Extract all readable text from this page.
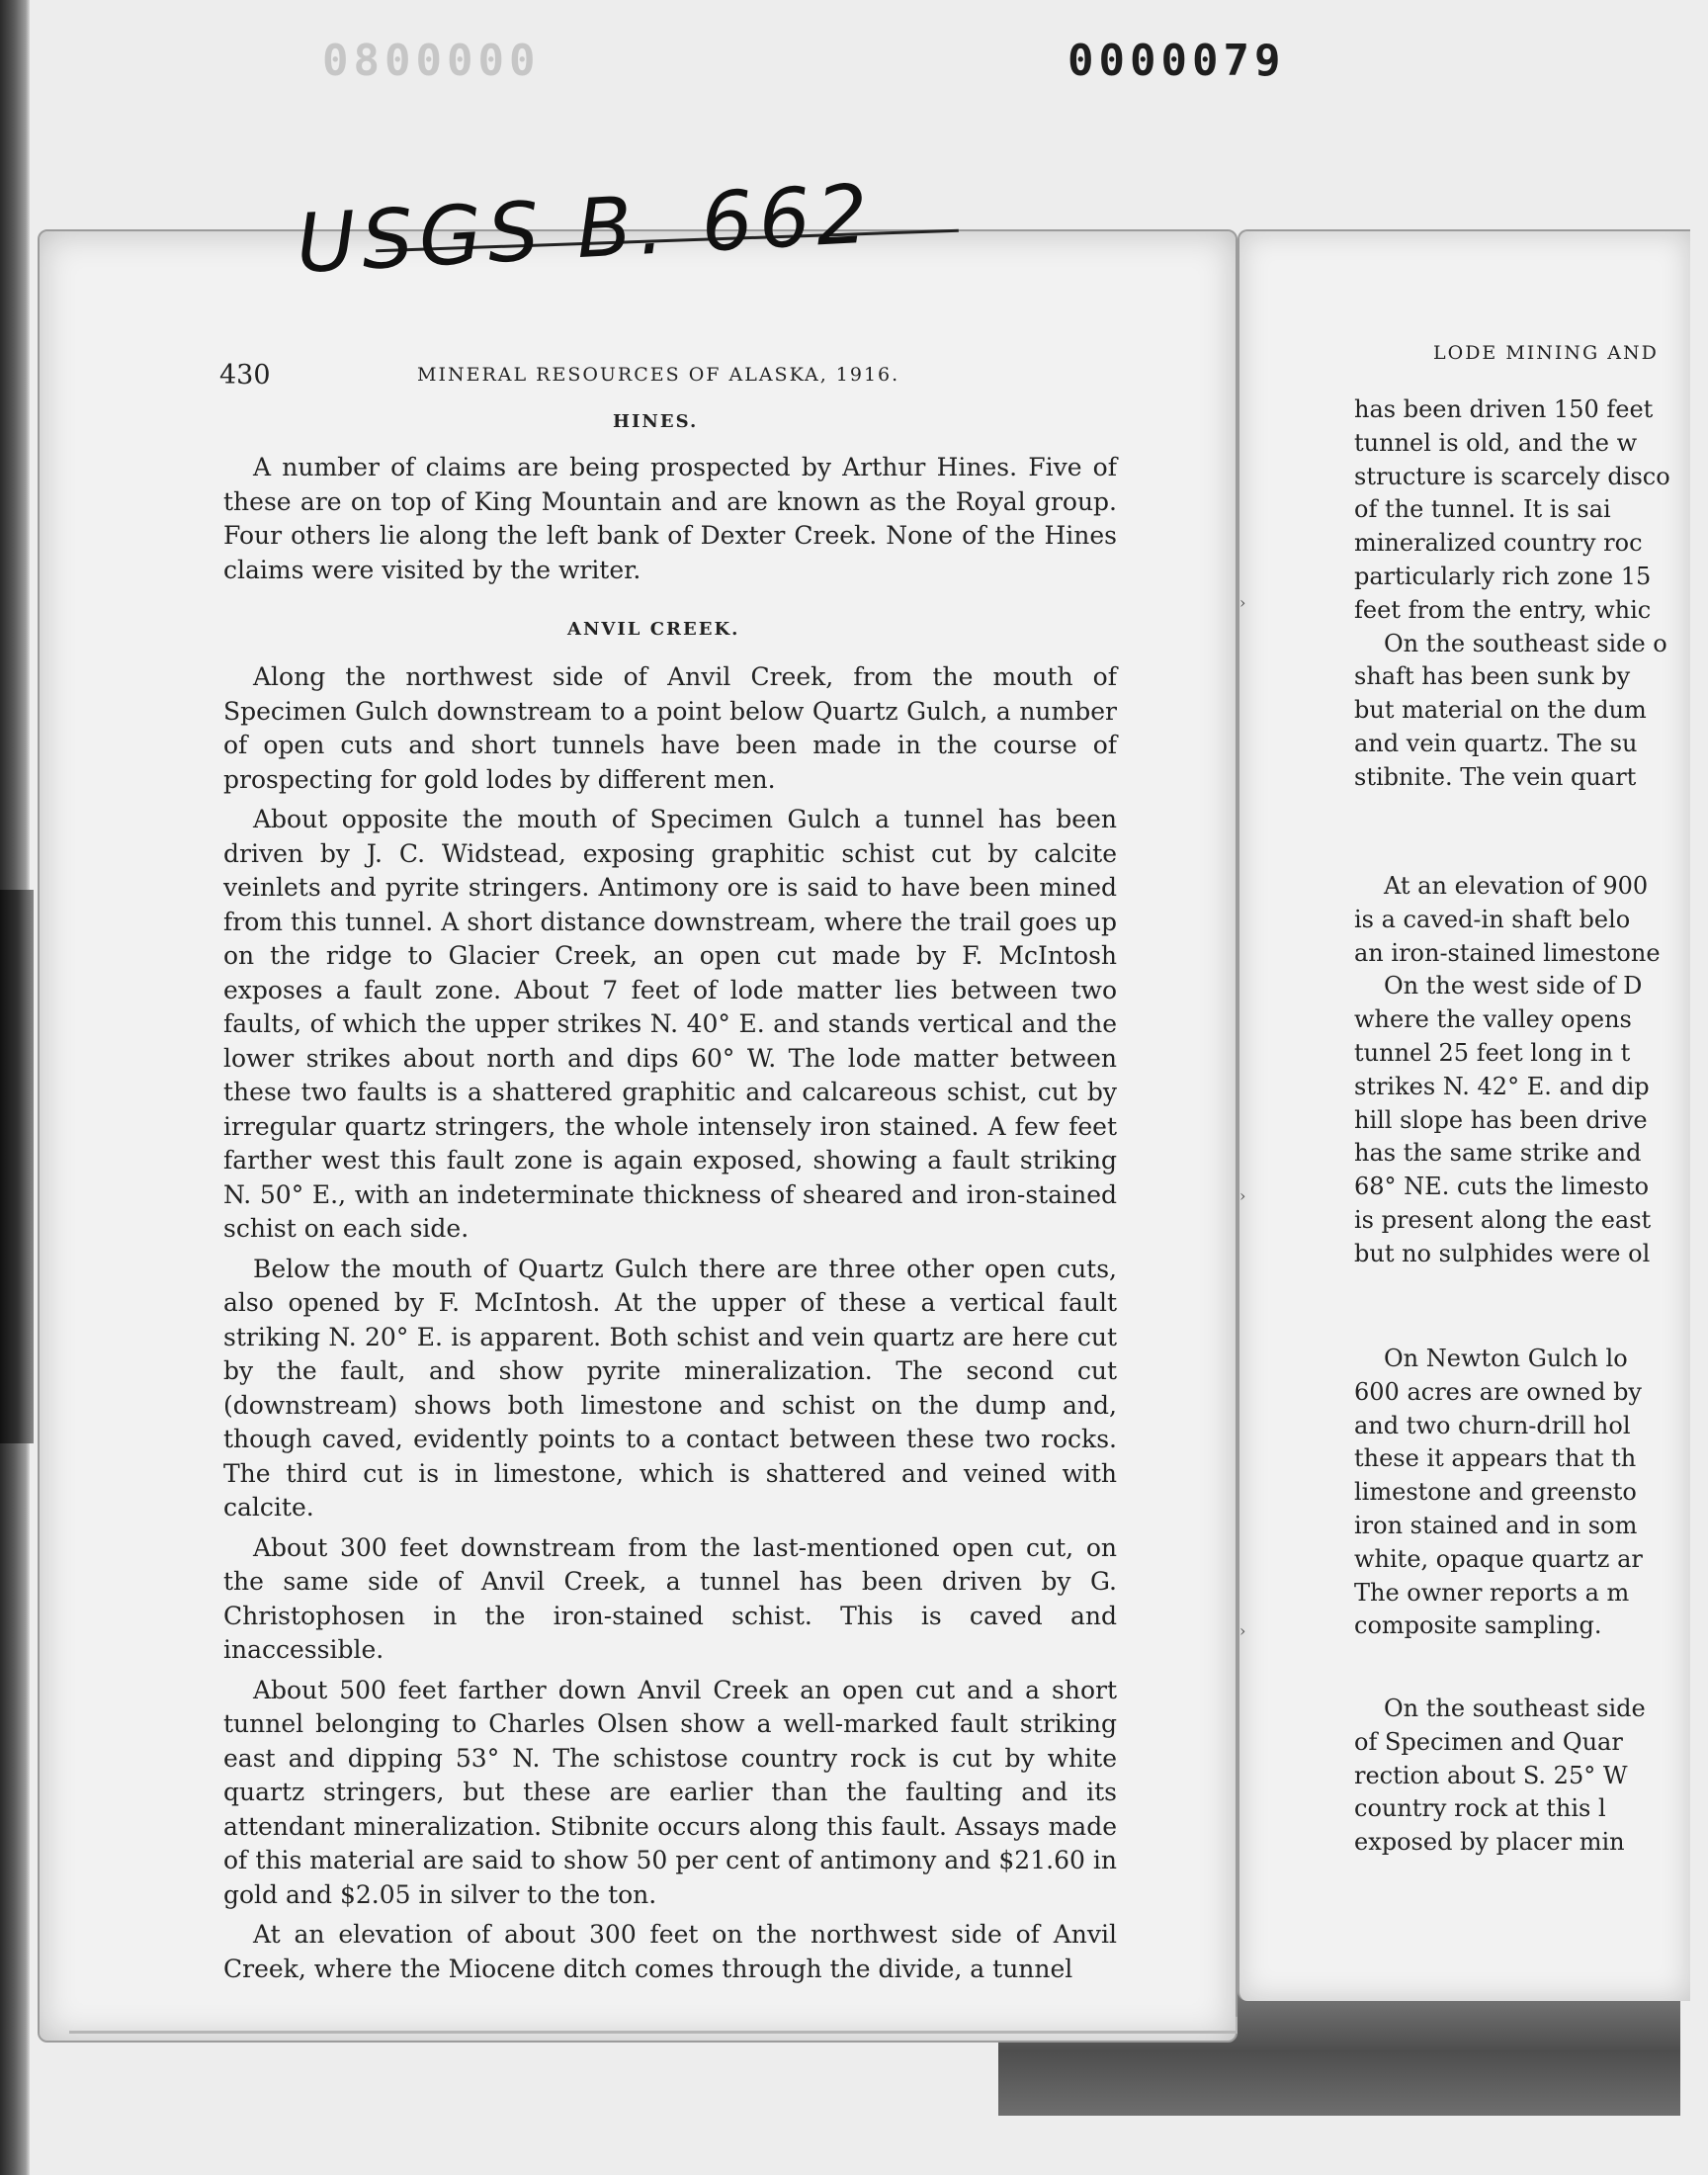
0800000	0000079
USGS B. 662
›
›
›
430	MINERAL RESOURCES OF ALASKA, 1916.
HINES.

A number of claims are being prospected by Arthur Hines. Five of these are on top of King Mountain and are known as the Royal group. Four others lie along the left bank of Dexter Creek. None of the Hines claims were visited by the writer.

ANVIL CREEK.

Along the northwest side of Anvil Creek, from the mouth of Specimen Gulch downstream to a point below Quartz Gulch, a number of open cuts and short tunnels have been made in the course of prospecting for gold lodes by different men.

About opposite the mouth of Specimen Gulch a tunnel has been driven by J. C. Widstead, exposing graphitic schist cut by calcite veinlets and pyrite stringers. Antimony ore is said to have been mined from this tunnel. A short distance downstream, where the trail goes up on the ridge to Glacier Creek, an open cut made by F. McIntosh exposes a fault zone. About 7 feet of lode matter lies between two faults, of which the upper strikes N. 40° E. and stands vertical and the lower strikes about north and dips 60° W. The lode matter between these two faults is a shattered graphitic and calcareous schist, cut by irregular quartz stringers, the whole intensely iron stained. A few feet farther west this fault zone is again exposed, showing a fault striking N. 50° E., with an indeterminate thickness of sheared and iron-stained schist on each side.

Below the mouth of Quartz Gulch there are three other open cuts, also opened by F. McIntosh. At the upper of these a vertical fault striking N. 20° E. is apparent. Both schist and vein quartz are here cut by the fault, and show pyrite mineralization. The second cut (downstream) shows both limestone and schist on the dump and, though caved, evidently points to a contact between these two rocks. The third cut is in limestone, which is shattered and veined with calcite.

About 300 feet downstream from the last-mentioned open cut, on the same side of Anvil Creek, a tunnel has been driven by G. Christophosen in the iron-stained schist. This is caved and inaccessible.

About 500 feet farther down Anvil Creek an open cut and a short tunnel belonging to Charles Olsen show a well-marked fault striking east and dipping 53° N. The schistose country rock is cut by white quartz stringers, but these are earlier than the faulting and its attendant mineralization. Stibnite occurs along this fault. Assays made of this material are said to show 50 per cent of antimony and $21.60 in gold and $2.05 in silver to the ton.

At an elevation of about 300 feet on the northwest side of Anvil Creek, where the Miocene ditch comes through the divide, a tunnel

LODE MINING AND
has been driven 150 feet
tunnel is old, and the w
structure is scarcely disco
of the tunnel. It is sai
mineralized country roc
particularly rich zone 15
feet from the entry, whic
On the southeast side o
shaft has been sunk by
but material on the dum
and vein quartz. The su
stibnite. The vein quart
At an elevation of 900
is a caved-in shaft belo
an iron-stained limestone
On the west side of D
where the valley opens
tunnel 25 feet long in t
strikes N. 42° E. and dip
hill slope has been drive
has the same strike and
68° NE. cuts the limesto
is present along the east
but no sulphides were ol
On Newton Gulch lo
600 acres are owned by
and two churn-drill hol
these it appears that th
limestone and greensto
iron stained and in som
white, opaque quartz ar
The owner reports a m
composite sampling.
On the southeast side
of Specimen and Quar
rection about S. 25° W
country rock at this l
exposed by placer min
